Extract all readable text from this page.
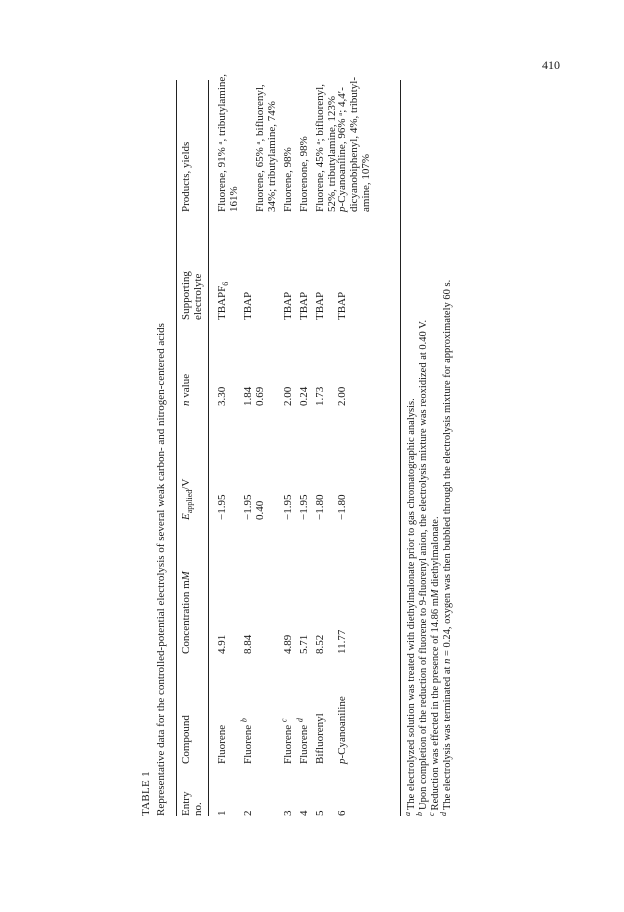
410
TABLE 1 Representative data for the controlled-potential electrolysis of several weak carbon- and nitrogen-centered acids Entry no.
Compound
Concentration mM
$E_{applied}/V$
n value
Supporting electrolyte
Products, yields
1
Fluorene
4.91
−1.95
3.30
$TBAPF_6$
Fluorene, 91% ᵃ, tributylamine, 161%
2
Fluorene $^b$
8.84
−1.95 0.40
1.84 0.69
TBAP

Fluorene, 65% ᵃ, bifluorenyl, 34%; tributylamine, 74%
3
Fluorene $^c$
4.89
−1.95
2.00
TBAP
Fluorene, 98%
4
Fluorene $^d$
5.71
−1.95
0.24
TBAP
Fluorenone, 98%
5
Bifluorenyl
8.52
−1.80
1.73
TBAP
Fluorene, 45% ᵃ; bifluorenyl, 52%, tributylamine, 123%
6
p-Cyanoaniline
11.77
−1.80
2.00
TBAP
p-Cyanoaniline, 96% ᵃ; 4,4′- dicyanobiphenyl, 4%, tributyl- amine, 107%
$^a$The electrolyzed solution was treated with diethylmalonate prior to gas chromatographic analysis.
$^b$Upon completion of the reduction of fluorene to 9-fluorenyl anion, the electrolysis mixture was reoxidized at 0.40 V.
$^c$Reduction was effected in the presence of 14.86 mM diethylmalonate.
$^d$The electrolysis was terminated at n = 0.24, oxygen was then bubbled through the electrolysis mixture for approximately 60 s.
